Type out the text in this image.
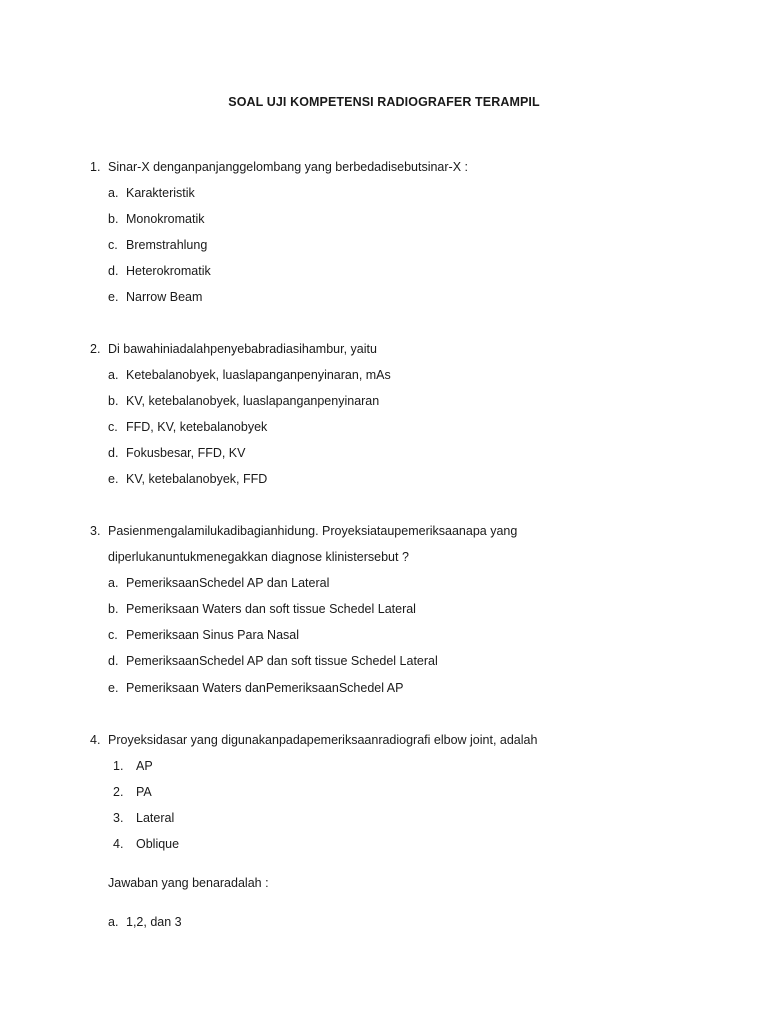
SOAL UJI KOMPETENSI RADIOGRAFER TERAMPIL
1. Sinar-X denganpanjanggelombang yang berbedadisebutsinar-X :
a. Karakteristik
b. Monokromatik
c. Bremstrahlung
d. Heterokromatik
e. Narrow Beam
2. Di bawahiniadalahpenyebabradiasihambur, yaitu
a. Ketebalanobyek, luaslapanganpenyinaran, mAs
b. KV, ketebalanobyek, luaslapanganpenyinaran
c. FFD, KV, ketebalanobyek
d. Fokusbesar, FFD, KV
e. KV, ketebalanobyek, FFD
3. Pasienmengalamilukadibagianhidung. Proyeksiataupemeriksaanapa yang
diperlukanuntukmenegakkan diagnose klinistersebut ?
a. PemeriksaanSchedel AP dan Lateral
b. Pemeriksaan Waters dan soft tissue Schedel Lateral
c. Pemeriksaan Sinus Para Nasal
d. PemeriksaanSchedel AP dan soft tissue Schedel Lateral
e. Pemeriksaan Waters danPemeriksaanSchedel AP
4. Proyeksidasar yang digunakanpadapemeriksaanradiografi elbow joint, adalah
1. AP
2. PA
3. Lateral
4. Oblique
Jawaban yang benaradalah :
a. 1,2, dan 3
